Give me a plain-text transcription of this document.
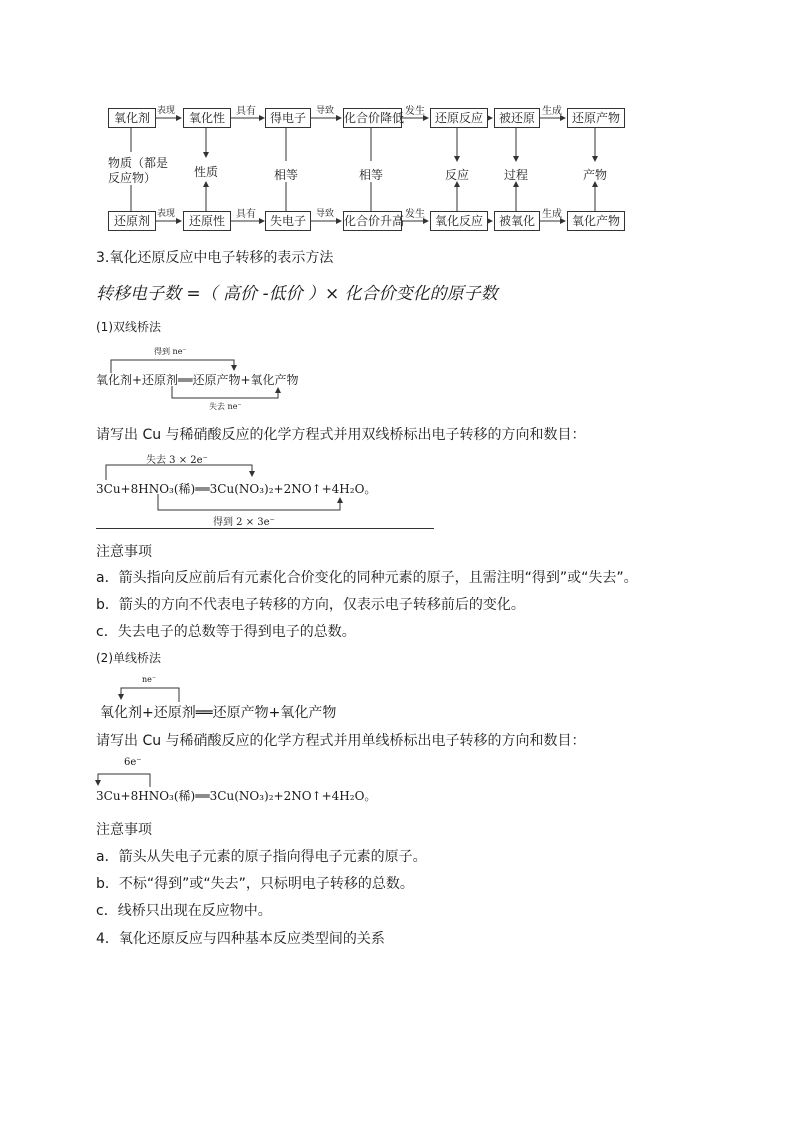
表现	具有	导致	发生	生成
表现	具有	导致	发生	生成
氧化剂	氧化性	得电子	化合价降低	还原反应	被还原	还原产物
物质（都是反应物）	性质	相等	相等	反应	过程	产物
还原剂	还原性	失电子	化合价升高	氧化反应	被氧化	氧化产物
3.氧化还原反应中电子转移的表示方法
转移电子数 =（ 高价 -低价 ）× 化合价变化的原子数
(1)双线桥法
得到 ne⁻
氧化剂+还原剂══还原产物+氧化产物
失去 ne⁻
请写出 Cu 与稀硝酸反应的化学方程式并用双线桥标出电子转移的方向和数目：
失去 3 × 2e⁻
3Cu+8HNO₃(稀)══3Cu(NO₃)₂+2NO↑+4H₂O。
得到 2 × 3e⁻
注意事项
a．箭头指向反应前后有元素化合价变化的同种元素的原子，且需注明“得到”或“失去”。
b．箭头的方向不代表电子转移的方向，仅表示电子转移前后的变化。
c．失去电子的总数等于得到电子的总数。
(2)单线桥法
ne⁻
氧化剂+还原剂══还原产物+氧化产物
请写出 Cu 与稀硝酸反应的化学方程式并用单线桥标出电子转移的方向和数目：
6e⁻
3Cu+8HNO₃(稀)══3Cu(NO₃)₂+2NO↑+4H₂O。
注意事项
a．箭头从失电子元素的原子指向得电子元素的原子。
b．不标“得到”或“失去”，只标明电子转移的总数。
c．线桥只出现在反应物中。
4．氧化还原反应与四种基本反应类型间的关系
